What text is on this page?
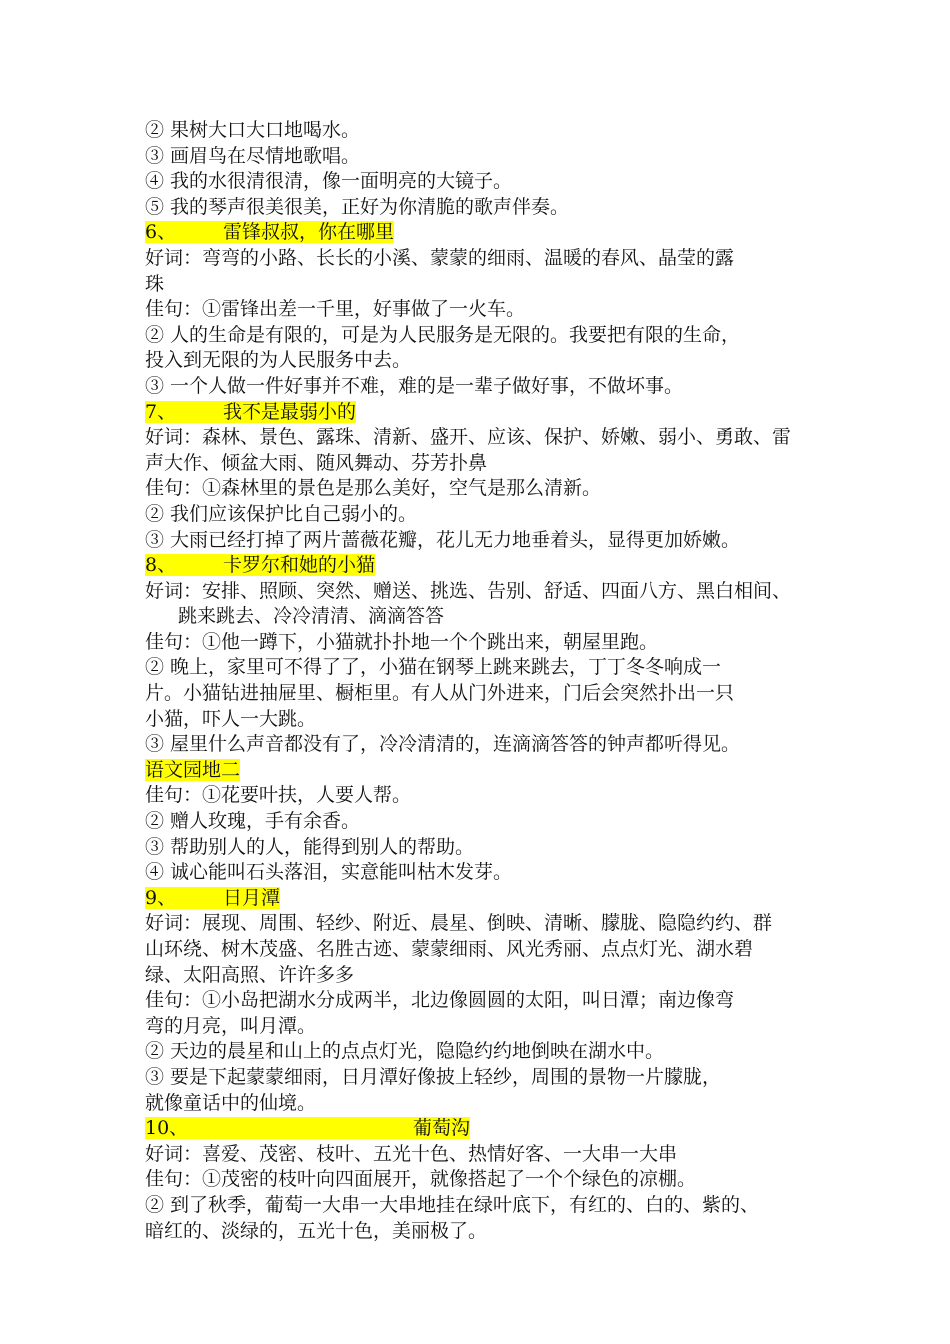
② 果树大口大口地喝水。
③ 画眉鸟在尽情地歌唱。
④ 我的水很清很清，像一面明亮的大镜子。
⑤ 我的琴声很美很美，正好为你清脆的歌声伴奏。
6、 雷锋叔叔，你在哪里
好词：弯弯的小路、长长的小溪、蒙蒙的细雨、温暖的春风、晶莹的露
珠
佳句：①雷锋出差一千里，好事做了一火车。
② 人的生命是有限的，可是为人民服务是无限的。我要把有限的生命，
投入到无限的为人民服务中去。
③ 一个人做一件好事并不难，难的是一辈子做好事，不做坏事。
7、 我不是最弱小的
好词：森林、景色、露珠、清新、盛开、应该、保护、娇嫩、弱小、勇敢、雷
声大作、倾盆大雨、随风舞动、芬芳扑鼻
佳句：①森林里的景色是那么美好，空气是那么清新。
② 我们应该保护比自己弱小的。
③ 大雨已经打掉了两片蔷薇花瓣，花儿无力地垂着头，显得更加娇嫩。
8、 卡罗尔和她的小猫
好词：安排、照顾、突然、赠送、挑选、告别、舒适、四面八方、黑白相间、
跳来跳去、冷冷清清、滴滴答答
佳句：①他一蹲下，小猫就扑扑地一个个跳出来，朝屋里跑。
② 晚上，家里可不得了了，小猫在钢琴上跳来跳去，丁丁冬冬响成一
片。小猫钻进抽屉里、橱柜里。有人从门外进来，门后会突然扑出一只
小猫，吓人一大跳。
③ 屋里什么声音都没有了，冷冷清清的，连滴滴答答的钟声都听得见。
语文园地二
佳句：①花要叶扶，人要人帮。
② 赠人玫瑰，手有余香。
③ 帮助别人的人，能得到别人的帮助。
④ 诚心能叫石头落泪，实意能叫枯木发芽。
9、 日月潭
好词：展现、周围、轻纱、附近、晨星、倒映、清晰、朦胧、隐隐约约、群
山环绕、树木茂盛、名胜古迹、蒙蒙细雨、风光秀丽、点点灯光、湖水碧
绿、太阳高照、许许多多
佳句：①小岛把湖水分成两半，北边像圆圆的太阳，叫日潭；南边像弯
弯的月亮，叫月潭。
② 天边的晨星和山上的点点灯光，隐隐约约地倒映在湖水中。
③ 要是下起蒙蒙细雨，日月潭好像披上轻纱，周围的景物一片朦胧，
就像童话中的仙境。
10、	葡萄沟
好词：喜爱、茂密、枝叶、五光十色、热情好客、一大串一大串
佳句：①茂密的枝叶向四面展开，就像搭起了一个个绿色的凉棚。
② 到了秋季，葡萄一大串一大串地挂在绿叶底下，有红的、白的、紫的、
暗红的、淡绿的，五光十色，美丽极了。
